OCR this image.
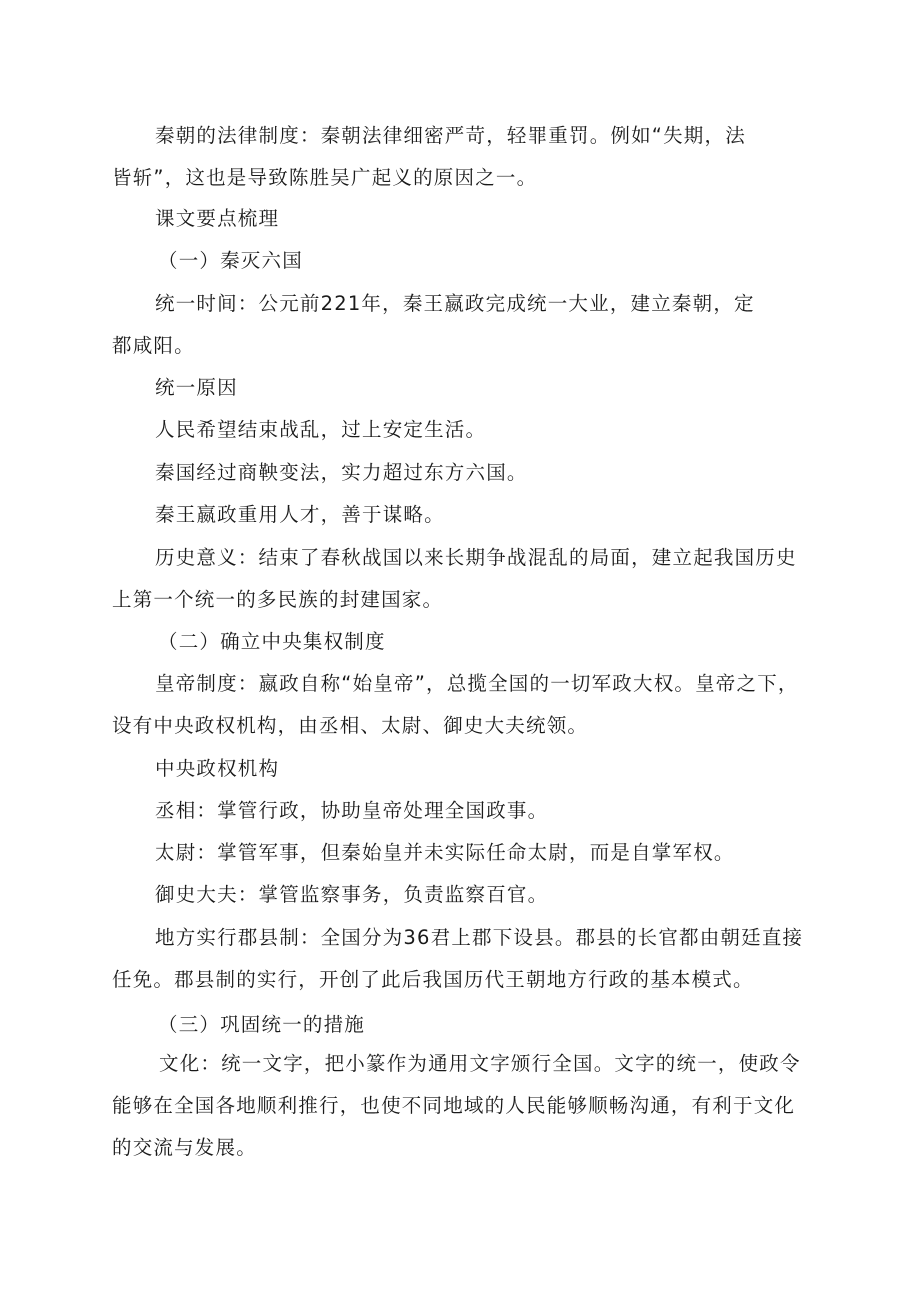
秦朝的法律制度：秦朝法律细密严苛，轻罪重罚。例如“失期，法皆斩”，这也是导致陈胜吴广起义的原因之一。

课文要点梳理

（一）秦灭六国

统一时间：公元前221年，秦王嬴政完成统一大业，建立秦朝，定都咸阳。

统一原因

人民希望结束战乱，过上安定生活。

秦国经过商鞅变法，实力超过东方六国。

秦王嬴政重用人才，善于谋略。

历史意义：结束了春秋战国以来长期争战混乱的局面，建立起我国历史上第一个统一的多民族的封建国家。

（二）确立中央集权制度

皇帝制度：嬴政自称“始皇帝”，总揽全国的一切军政大权。皇帝之下，设有中央政权机构，由丞相、太尉、御史大夫统领。

中央政权机构

丞相：掌管行政，协助皇帝处理全国政事。

太尉：掌管军事，但秦始皇并未实际任命太尉，而是自掌军权。

御史大夫：掌管监察事务，负责监察百官。

地方实行郡县制：全国分为36君上郡下设县。郡县的长官都由朝廷直接任免。郡县制的实行，开创了此后我国历代王朝地方行政的基本模式。

（三）巩固统一的措施

文化：统一文字，把小篆作为通用文字颁行全国。文字的统一，使政令能够在全国各地顺利推行，也使不同地域的人民能够顺畅沟通，有利于文化的交流与发展。
